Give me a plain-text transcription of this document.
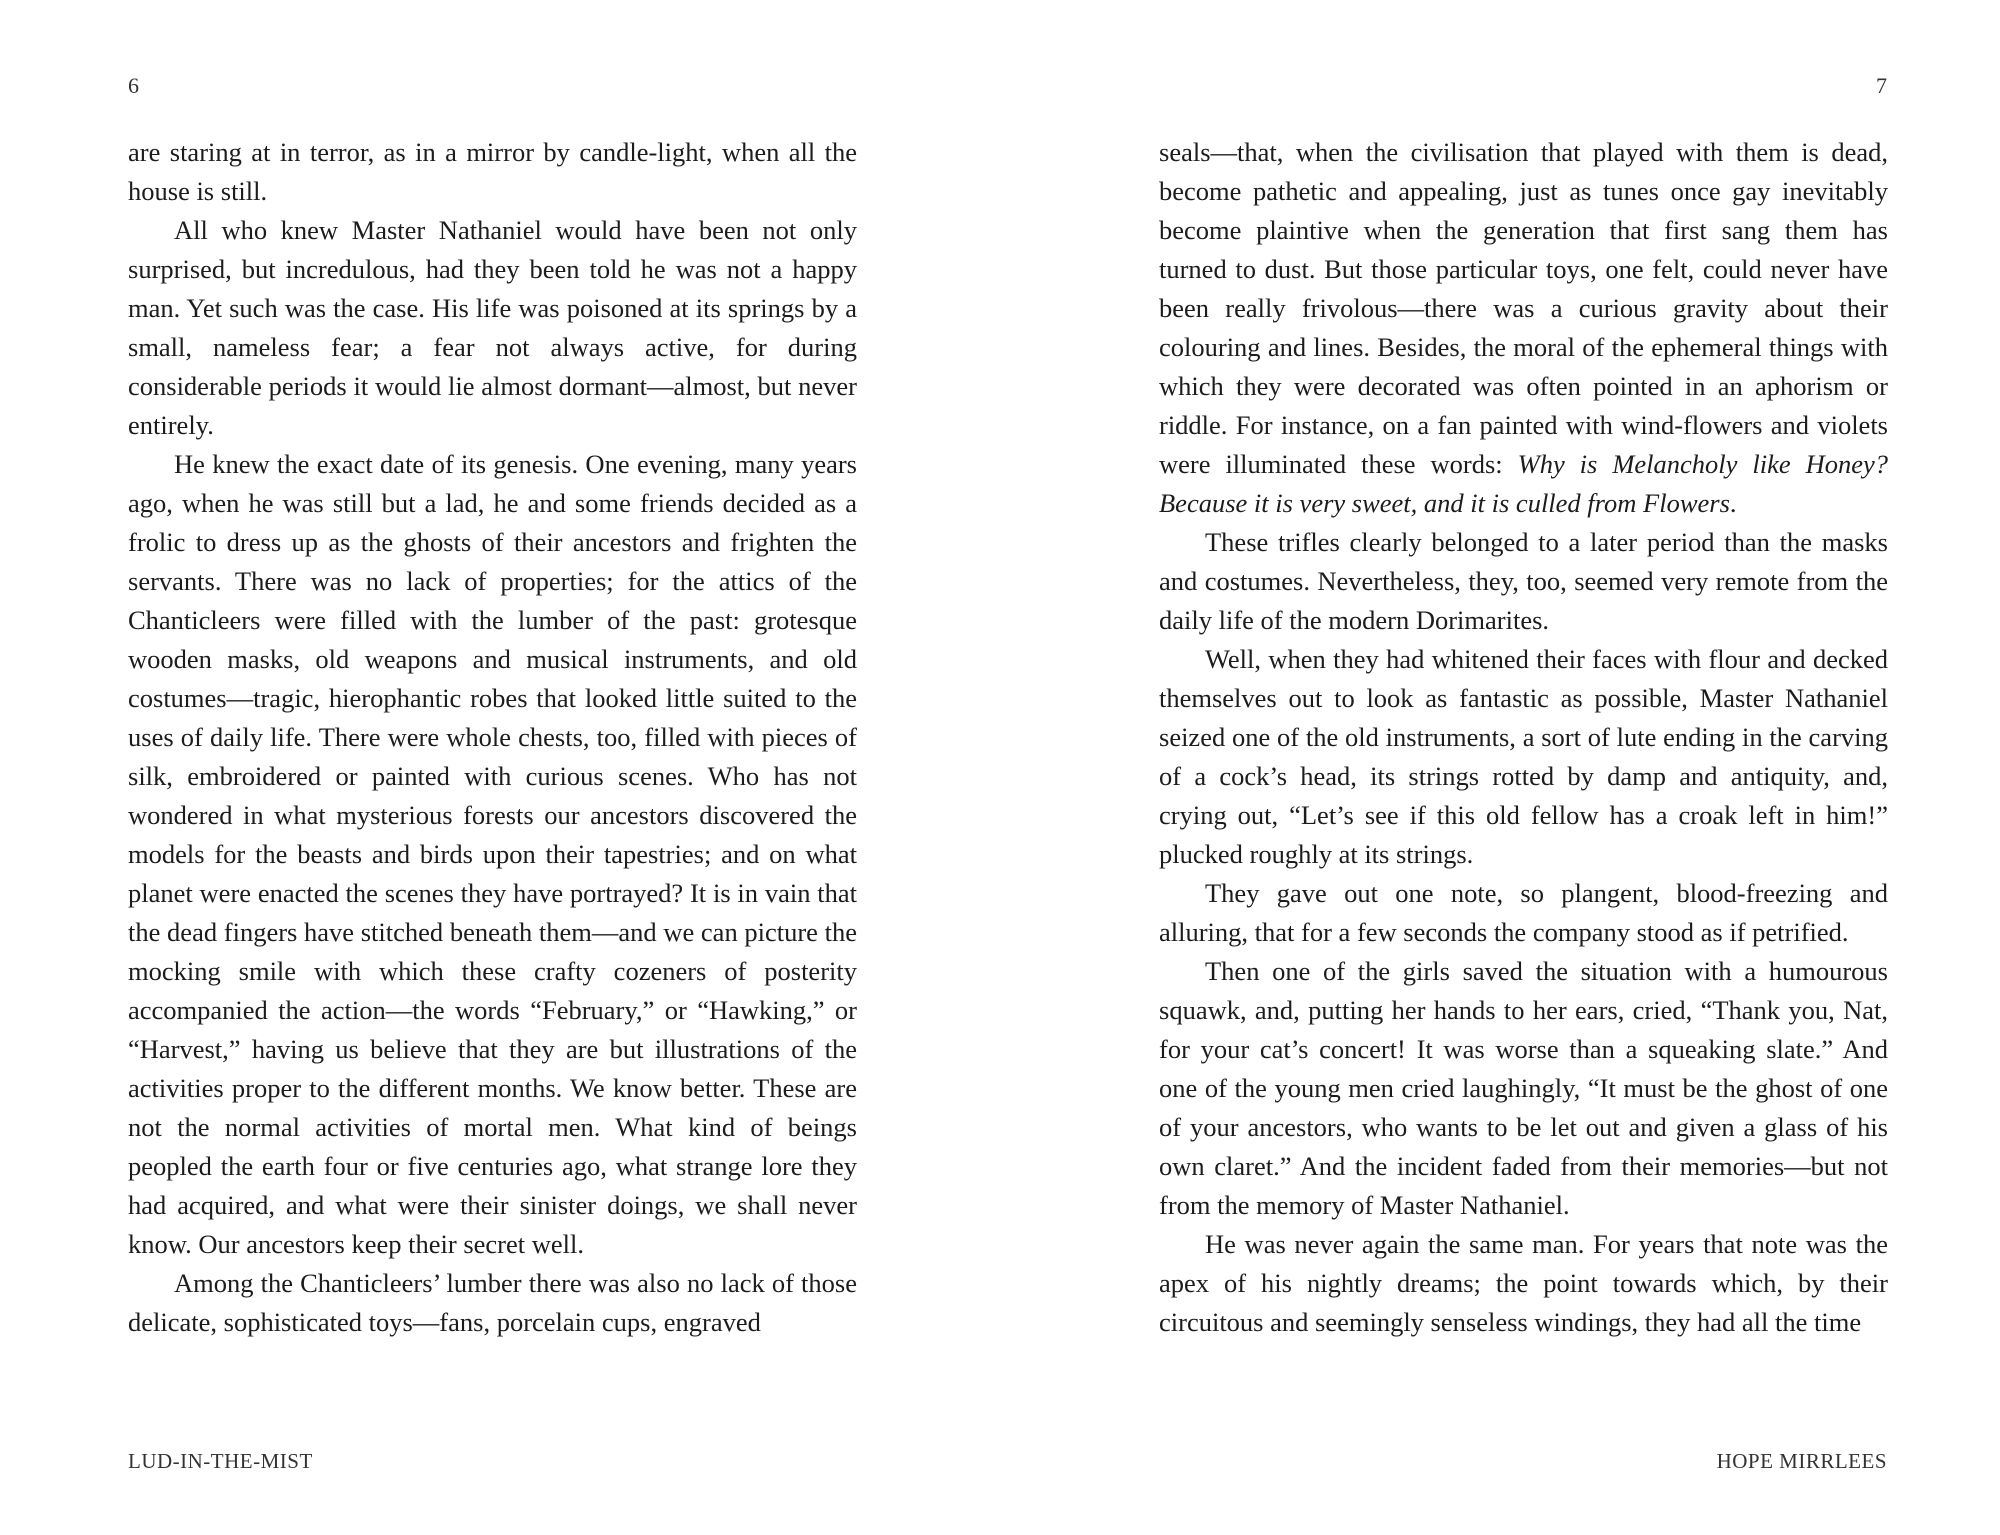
6

are staring at in terror, as in a mirror by candle-light, when all the house is still.

All who knew Master Nathaniel would have been not only surprised, but incredulous, had they been told he was not a happy man. Yet such was the case. His life was poisoned at its springs by a small, nameless fear; a fear not always active, for during considerable periods it would lie almost dormant—almost, but never entirely.

He knew the exact date of its genesis. One evening, many years ago, when he was still but a lad, he and some friends decided as a frolic to dress up as the ghosts of their ancestors and frighten the servants. There was no lack of properties; for the attics of the Chanticleers were filled with the lumber of the past: grotesque wooden masks, old weapons and musical instruments, and old costumes—tragic, hierophantic robes that looked little suited to the uses of daily life. There were whole chests, too, filled with pieces of silk, embroidered or painted with curious scenes. Who has not wondered in what mysterious forests our ancestors discovered the models for the beasts and birds upon their tapestries; and on what planet were enacted the scenes they have portrayed? It is in vain that the dead fingers have stitched beneath them—and we can picture the mocking smile with which these crafty cozeners of posterity accompanied the action—the words “February,” or “Hawking,” or “Harvest,” having us believe that they are but illustrations of the activities proper to the different months. We know better. These are not the normal activities of mortal men. What kind of beings peopled the earth four or five centuries ago, what strange lore they had acquired, and what were their sinister doings, we shall never know. Our ancestors keep their secret well.

Among the Chanticleers’ lumber there was also no lack of those delicate, sophisticated toys—fans, porcelain cups, engraved

LUD-IN-THE-MIST
7

seals—that, when the civilisation that played with them is dead, become pathetic and appealing, just as tunes once gay inevitably become plaintive when the generation that first sang them has turned to dust. But those particular toys, one felt, could never have been really frivolous—there was a curious gravity about their colouring and lines. Besides, the moral of the ephemeral things with which they were decorated was often pointed in an aphorism or riddle. For instance, on a fan painted with wind-flowers and violets were illuminated these words: Why is Melancholy like Honey? Because it is very sweet, and it is culled from Flowers.

These trifles clearly belonged to a later period than the masks and costumes. Nevertheless, they, too, seemed very remote from the daily life of the modern Dorimarites.

Well, when they had whitened their faces with flour and decked themselves out to look as fantastic as possible, Master Nathaniel seized one of the old instruments, a sort of lute ending in the carving of a cock’s head, its strings rotted by damp and antiquity, and, crying out, “Let’s see if this old fellow has a croak left in him!” plucked roughly at its strings.

They gave out one note, so plangent, blood-freezing and alluring, that for a few seconds the company stood as if petrified.

Then one of the girls saved the situation with a humourous squawk, and, putting her hands to her ears, cried, “Thank you, Nat, for your cat’s concert! It was worse than a squeaking slate.” And one of the young men cried laughingly, “It must be the ghost of one of your ancestors, who wants to be let out and given a glass of his own claret.” And the incident faded from their memories—but not from the memory of Master Nathaniel.

He was never again the same man. For years that note was the apex of his nightly dreams; the point towards which, by their circuitous and seemingly senseless windings, they had all the time

HOPE MIRRLEES
